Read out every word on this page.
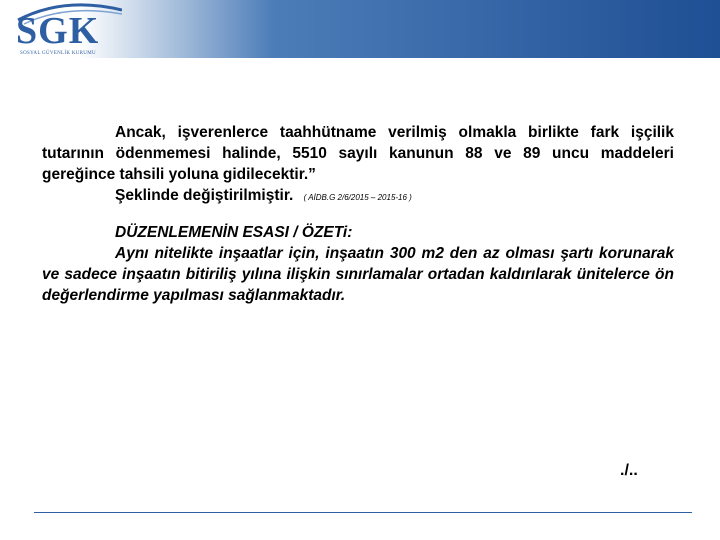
SGK
SOSYAL GÜVENLİK KURUMU

Ancak, işverenlerce taahhütname verilmiş olmakla birlikte fark işçilik tutarının ödenmemesi halinde, 5510 sayılı kanunun 88 ve 89 uncu maddeleri gereğince tahsili yoluna gidilecektir.”

Şeklinde değiştirilmiştir. ( AİDB.G 2/6/2015 – 2015-16 )

DÜZENLEMENİN ESASI / ÖZETi:

Aynı nitelikte inşaatlar için, inşaatın 300 m2 den az olması şartı korunarak ve sadece inşaatın bitiriliş yılına ilişkin sınırlamalar ortadan kaldırılarak ünitelerce ön değerlendirme yapılması sağlanmaktadır.

./..
